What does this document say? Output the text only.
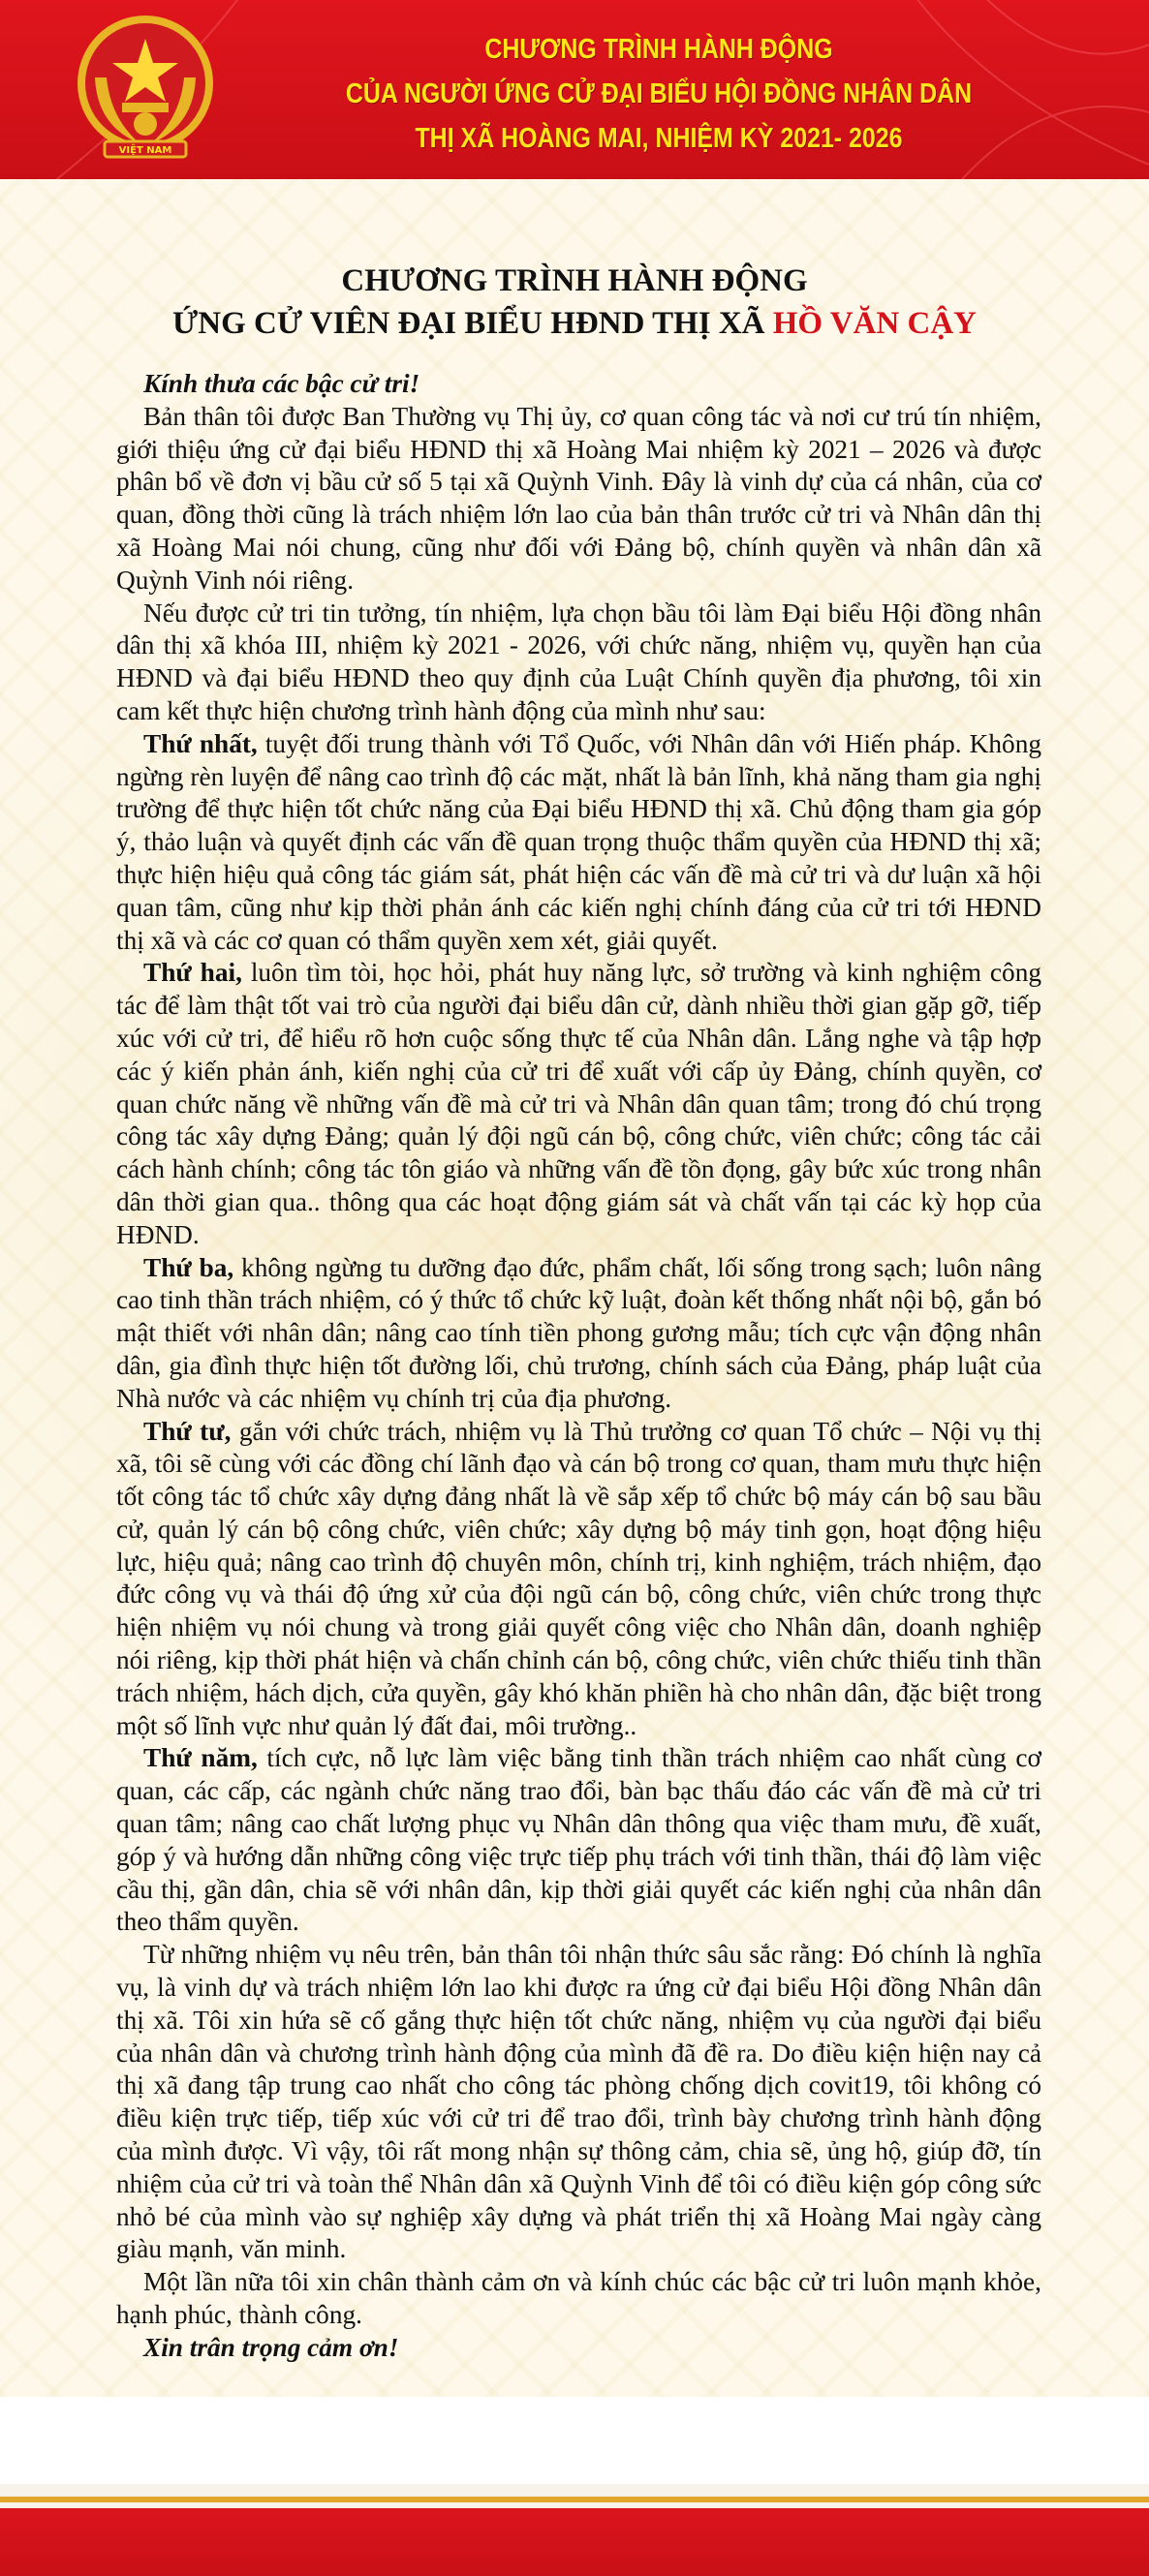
VIỆT NAM
CHƯƠNG TRÌNH HÀNH ĐỘNG
CỦA NGƯỜI ỨNG CỬ ĐẠI BIỂU HỘI ĐỒNG NHÂN DÂN
THỊ XÃ HOÀNG MAI, NHIỆM KỲ 2021- 2026
CHƯƠNG TRÌNH HÀNH ĐỘNG
ỨNG CỬ VIÊN ĐẠI BIỂU HĐND THỊ XÃ HỒ VĂN CẬY

Kính thưa các bậc cử tri!

Bản thân tôi được Ban Thường vụ Thị ủy, cơ quan công tác và nơi cư trú tín nhiệm, giới thiệu ứng cử đại biểu HĐND thị xã Hoàng Mai nhiệm kỳ 2021 – 2026 và được phân bổ về đơn vị bầu cử số 5 tại xã Quỳnh Vinh. Đây là vinh dự của cá nhân, của cơ quan, đồng thời cũng là trách nhiệm lớn lao của bản thân trước cử tri và Nhân dân thị xã Hoàng Mai nói chung, cũng như đối với Đảng bộ, chính quyền và nhân dân xã Quỳnh Vinh nói riêng.

Nếu được cử tri tin tưởng, tín nhiệm, lựa chọn bầu tôi làm Đại biểu Hội đồng nhân dân thị xã khóa III, nhiệm kỳ 2021 - 2026, với chức năng, nhiệm vụ, quyền hạn của HĐND và đại biểu HĐND theo quy định của Luật Chính quyền địa phương, tôi xin cam kết thực hiện chương trình hành động của mình như sau:

Thứ nhất, tuyệt đối trung thành với Tổ Quốc, với Nhân dân với Hiến pháp. Không ngừng rèn luyện để nâng cao trình độ các mặt, nhất là bản lĩnh, khả năng tham gia nghị trường để thực hiện tốt chức năng của Đại biểu HĐND thị xã. Chủ động tham gia góp ý, thảo luận và quyết định các vấn đề quan trọng thuộc thẩm quyền của HĐND thị xã; thực hiện hiệu quả công tác giám sát, phát hiện các vấn đề mà cử tri và dư luận xã hội quan tâm, cũng như kịp thời phản ánh các kiến nghị chính đáng của cử tri tới HĐND thị xã và các cơ quan có thẩm quyền xem xét, giải quyết.

Thứ hai, luôn tìm tòi, học hỏi, phát huy năng lực, sở trường và kinh nghiệm công tác để làm thật tốt vai trò của người đại biểu dân cử, dành nhiều thời gian gặp gỡ, tiếp xúc với cử tri, để hiểu rõ hơn cuộc sống thực tế của Nhân dân. Lắng nghe và tập hợp các ý kiến phản ánh, kiến nghị của cử tri để xuất với cấp ủy Đảng, chính quyền, cơ quan chức năng về những vấn đề mà cử tri và Nhân dân quan tâm; trong đó chú trọng công tác xây dựng Đảng; quản lý đội ngũ cán bộ, công chức, viên chức; công tác cải cách hành chính; công tác tôn giáo và những vấn đề tồn đọng, gây bức xúc trong nhân dân thời gian qua.. thông qua các hoạt động giám sát và chất vấn tại các kỳ họp của HĐND.

Thứ ba, không ngừng tu dưỡng đạo đức, phẩm chất, lối sống trong sạch; luôn nâng cao tinh thần trách nhiệm, có ý thức tổ chức kỹ luật, đoàn kết thống nhất nội bộ, gắn bó mật thiết với nhân dân; nâng cao tính tiền phong gương mẫu; tích cực vận động nhân dân, gia đình thực hiện tốt đường lối, chủ trương, chính sách của Đảng, pháp luật của Nhà nước và các nhiệm vụ chính trị của địa phương.

Thứ tư, gắn với chức trách, nhiệm vụ là Thủ trưởng cơ quan Tổ chức – Nội vụ thị xã, tôi sẽ cùng với các đồng chí lãnh đạo và cán bộ trong cơ quan, tham mưu thực hiện tốt công tác tổ chức xây dựng đảng nhất là về sắp xếp tổ chức bộ máy cán bộ sau bầu cử, quản lý cán bộ công chức, viên chức; xây dựng bộ máy tinh gọn, hoạt động hiệu lực, hiệu quả; nâng cao trình độ chuyên môn, chính trị, kinh nghiệm, trách nhiệm, đạo đức công vụ và thái độ ứng xử của đội ngũ cán bộ, công chức, viên chức trong thực hiện nhiệm vụ nói chung và trong giải quyết công việc cho Nhân dân, doanh nghiệp nói riêng, kịp thời phát hiện và chấn chỉnh cán bộ, công chức, viên chức thiếu tinh thần trách nhiệm, hách dịch, cửa quyền, gây khó khăn phiền hà cho nhân dân, đặc biệt trong một số lĩnh vực như quản lý đất đai, môi trường..

Thứ năm, tích cực, nỗ lực làm việc bằng tinh thần trách nhiệm cao nhất cùng cơ quan, các cấp, các ngành chức năng trao đổi, bàn bạc thấu đáo các vấn đề mà cử tri quan tâm; nâng cao chất lượng phục vụ Nhân dân thông qua việc tham mưu, đề xuất, góp ý và hướng dẫn những công việc trực tiếp phụ trách với tinh thần, thái độ làm việc cầu thị, gần dân, chia sẽ với nhân dân, kịp thời giải quyết các kiến nghị của nhân dân theo thẩm quyền.

Từ những nhiệm vụ nêu trên, bản thân tôi nhận thức sâu sắc rằng: Đó chính là nghĩa vụ, là vinh dự và trách nhiệm lớn lao khi được ra ứng cử đại biểu Hội đồng Nhân dân thị xã. Tôi xin hứa sẽ cố gắng thực hiện tốt chức năng, nhiệm vụ của người đại biểu của nhân dân và chương trình hành động của mình đã đề ra. Do điều kiện hiện nay cả thị xã đang tập trung cao nhất cho công tác phòng chống dịch covit19, tôi không có điều kiện trực tiếp, tiếp xúc với cử tri để trao đổi, trình bày chương trình hành động của mình được. Vì vậy, tôi rất mong nhận sự thông cảm, chia sẽ, ủng hộ, giúp đỡ, tín nhiệm của cử tri và toàn thể Nhân dân xã Quỳnh Vinh để tôi có điều kiện góp công sức nhỏ bé của mình vào sự nghiệp xây dựng và phát triển thị xã Hoàng Mai ngày càng giàu mạnh, văn minh.

Một lần nữa tôi xin chân thành cảm ơn và kính chúc các bậc cử tri luôn mạnh khỏe, hạnh phúc, thành công.

Xin trân trọng cảm ơn!
